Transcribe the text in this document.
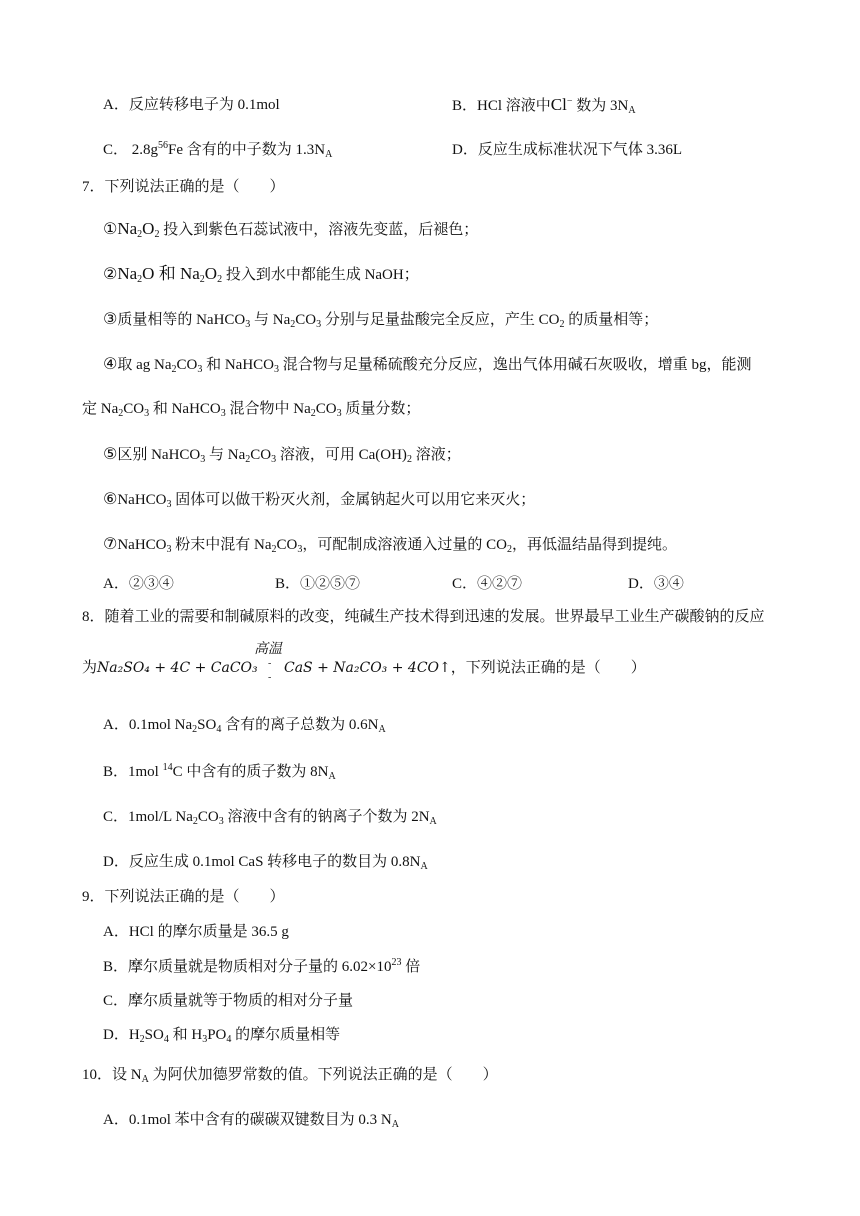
A．反应转移电子为 0.1mol	B．HCl 溶液中Cl− 数为 $3N_A$
C． $2.8g^{56}Fe$ 含有的中子数为 $1.3N_A$	D．反应生成标准状况下气体 3.36L
7．下列说法正确的是（　　）
$①Na_2O_2$ 投入到紫色石蕊试液中，溶液先变蓝，后褪色；
$②Na_2O$ 和 $Na_2O_2$ 投入到水中都能生成 NaOH；
③质量相等的 NaHCO$_3$ 与 $Na_2CO_3$ 分别与足量盐酸完全反应，产生 $CO_2$ 的质量相等；
④取 ag $Na_2CO_3$ 和 NaHCO$_3$ 混合物与足量稀硫酸充分反应，逸出气体用碱石灰吸收，增重 bg，能测
定 $Na_2CO_3$ 和 NaHCO$_3$ 混合物中 $Na_2CO_3$ 质量分数；
⑤区别 NaHCO$_3$ 与 $Na_2CO_3$ 溶液，可用 $Ca(OH)_2$ 溶液；
⑥NaHCO$_3$ 固体可以做干粉灭火剂，金属钠起火可以用它来灭火；
⑦NaHCO$_3$ 粉末中混有 $Na_2CO_3$，可配制成溶液通入过量的 $CO_2$，再低温结晶得到提纯。
A．②③④	B．①②⑤⑦	C．④②⑦	D．③④
8．随着工业的需要和制碱原料的改变，纯碱生产技术得到迅速的发展。世界最早工业生产碳酸钠的反应
高温
-
-
为Na₂SO₄ + 4C + CaCO₃ CaS + Na₂CO₃ + 4CO↑，下列说法正确的是（　　）
A．0.1mol $Na_2SO_4$ 含有的离子总数为 $0.6N_A$
B．1mol $^{14}$C 中含有的质子数为 $8N_A$
C．1mol/L $Na_2CO_3$ 溶液中含有的钠离子个数为 $2N_A$
D．反应生成 0.1mol CaS 转移电子的数目为 $0.8N_A$
9．下列说法正确的是（　　）
A．HCl 的摩尔质量是 36.5 g
B．摩尔质量就是物质相对分子量的 $6.02\times 10^{23}$ 倍
C．摩尔质量就等于物质的相对分子量
D．$H_2SO_4$ 和 $H_3PO_4$ 的摩尔质量相等
10．设 $N_A$ 为阿伏加德罗常数的值。下列说法正确的是（　　）
A．0.1mol 苯中含有的碳碳双键数目为 0.3 $N_A$
